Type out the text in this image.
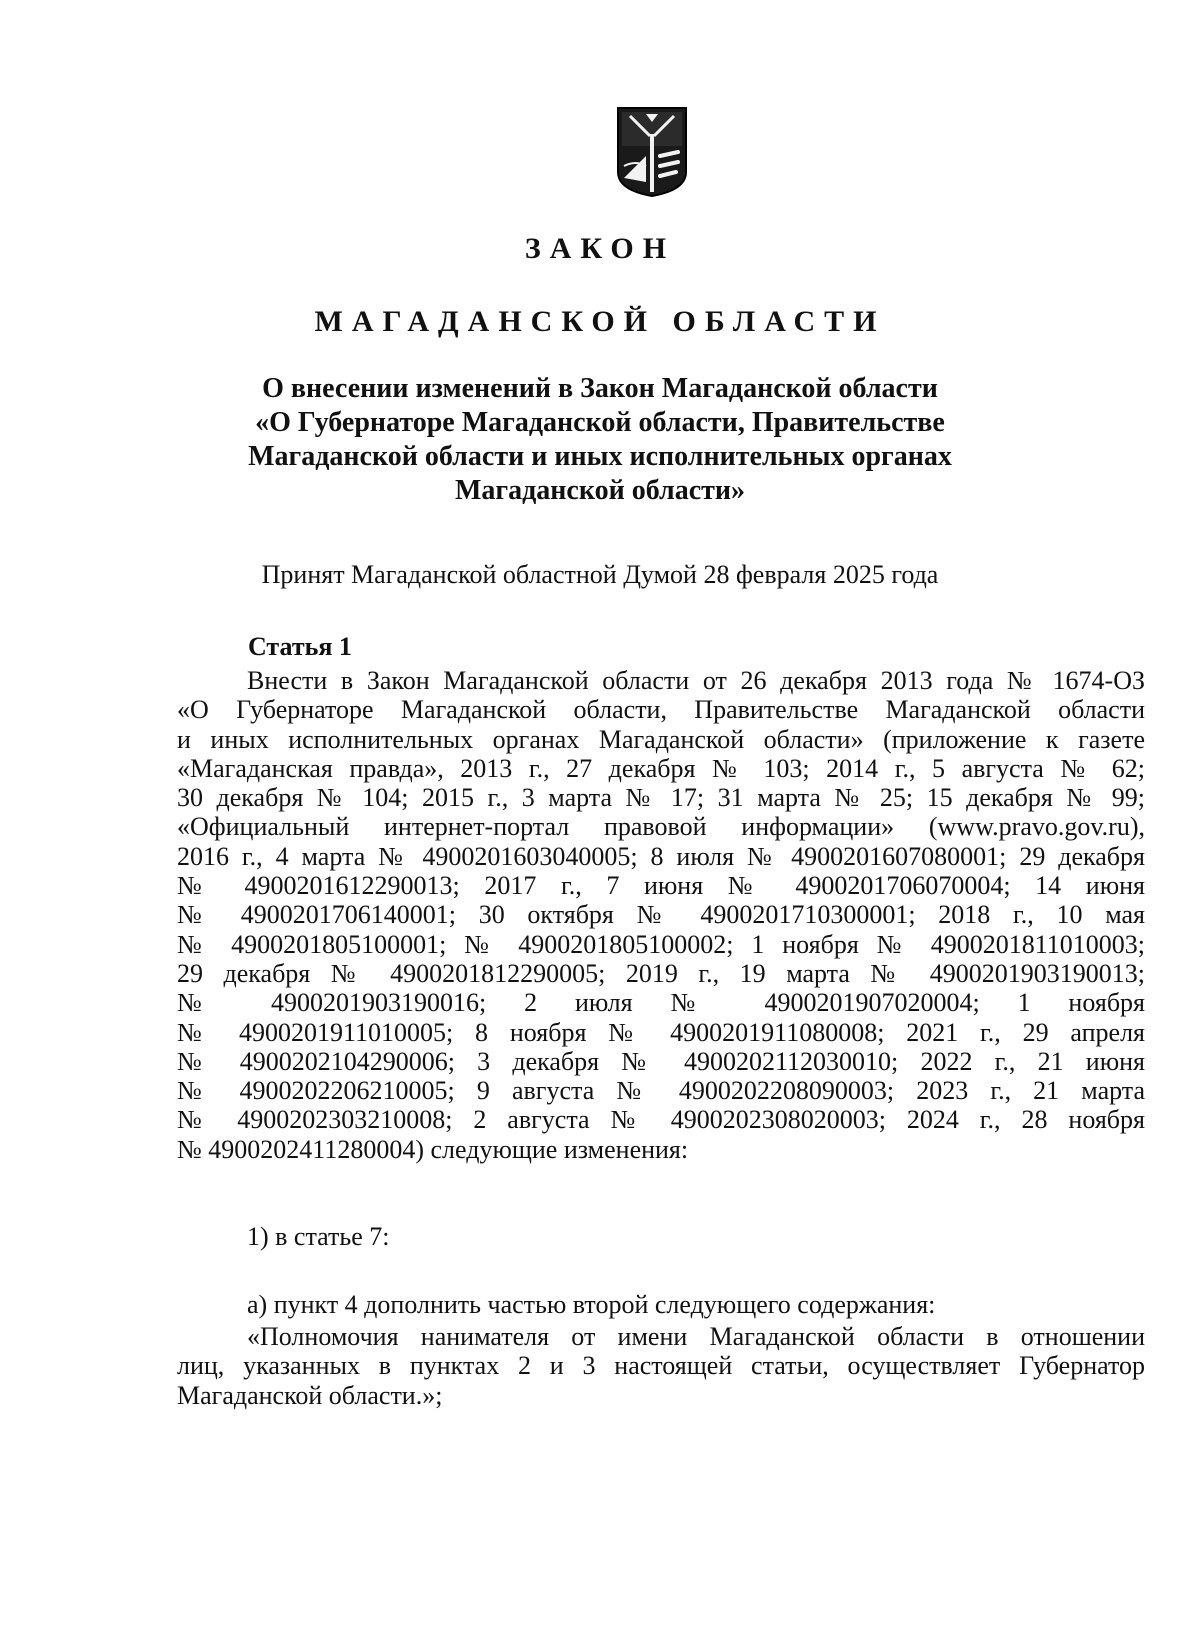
ЗАКОН
МАГАДАНСКОЙ ОБЛАСТИ
О внесении изменений в Закон Магаданской области
«О Губернаторе Магаданской области, Правительстве
Магаданской области и иных исполнительных органах
Магаданской области»
Принят Магаданской областной Думой 28 февраля 2025 года
Статья 1
Внести в Закон Магаданской области от 26 декабря 2013 года № 1674-ОЗ
«О Губернаторе Магаданской области, Правительстве Магаданской области
и иных исполнительных органах Магаданской области» (приложение к газете
«Магаданская правда», 2013 г., 27 декабря № 103; 2014 г., 5 августа № 62;
30 декабря № 104; 2015 г., 3 марта № 17; 31 марта № 25; 15 декабря № 99;
«Официальный интернет-портал правовой информации» (www.pravo.gov.ru),
2016 г., 4 марта № 4900201603040005; 8 июля № 4900201607080001; 29 декабря
№ 4900201612290013; 2017 г., 7 июня № 4900201706070004; 14 июня
№ 4900201706140001; 30 октября № 4900201710300001; 2018 г., 10 мая
№ 4900201805100001; № 4900201805100002; 1 ноября № 4900201811010003;
29 декабря № 4900201812290005; 2019 г., 19 марта № 4900201903190013;
№ 4900201903190016; 2 июля № 4900201907020004; 1 ноября
№ 4900201911010005; 8 ноября № 4900201911080008; 2021 г., 29 апреля
№ 4900202104290006; 3 декабря № 4900202112030010; 2022 г., 21 июня
№ 4900202206210005; 9 августа № 4900202208090003; 2023 г., 21 марта
№ 4900202303210008; 2 августа № 4900202308020003; 2024 г., 28 ноября
№ 4900202411280004) следующие изменения:
1) в статье 7:
а) пункт 4 дополнить частью второй следующего содержания:
«Полномочия нанимателя от имени Магаданской области в отношении
лиц, указанных в пунктах 2 и 3 настоящей статьи, осуществляет Губернатор
Магаданской области.»;
